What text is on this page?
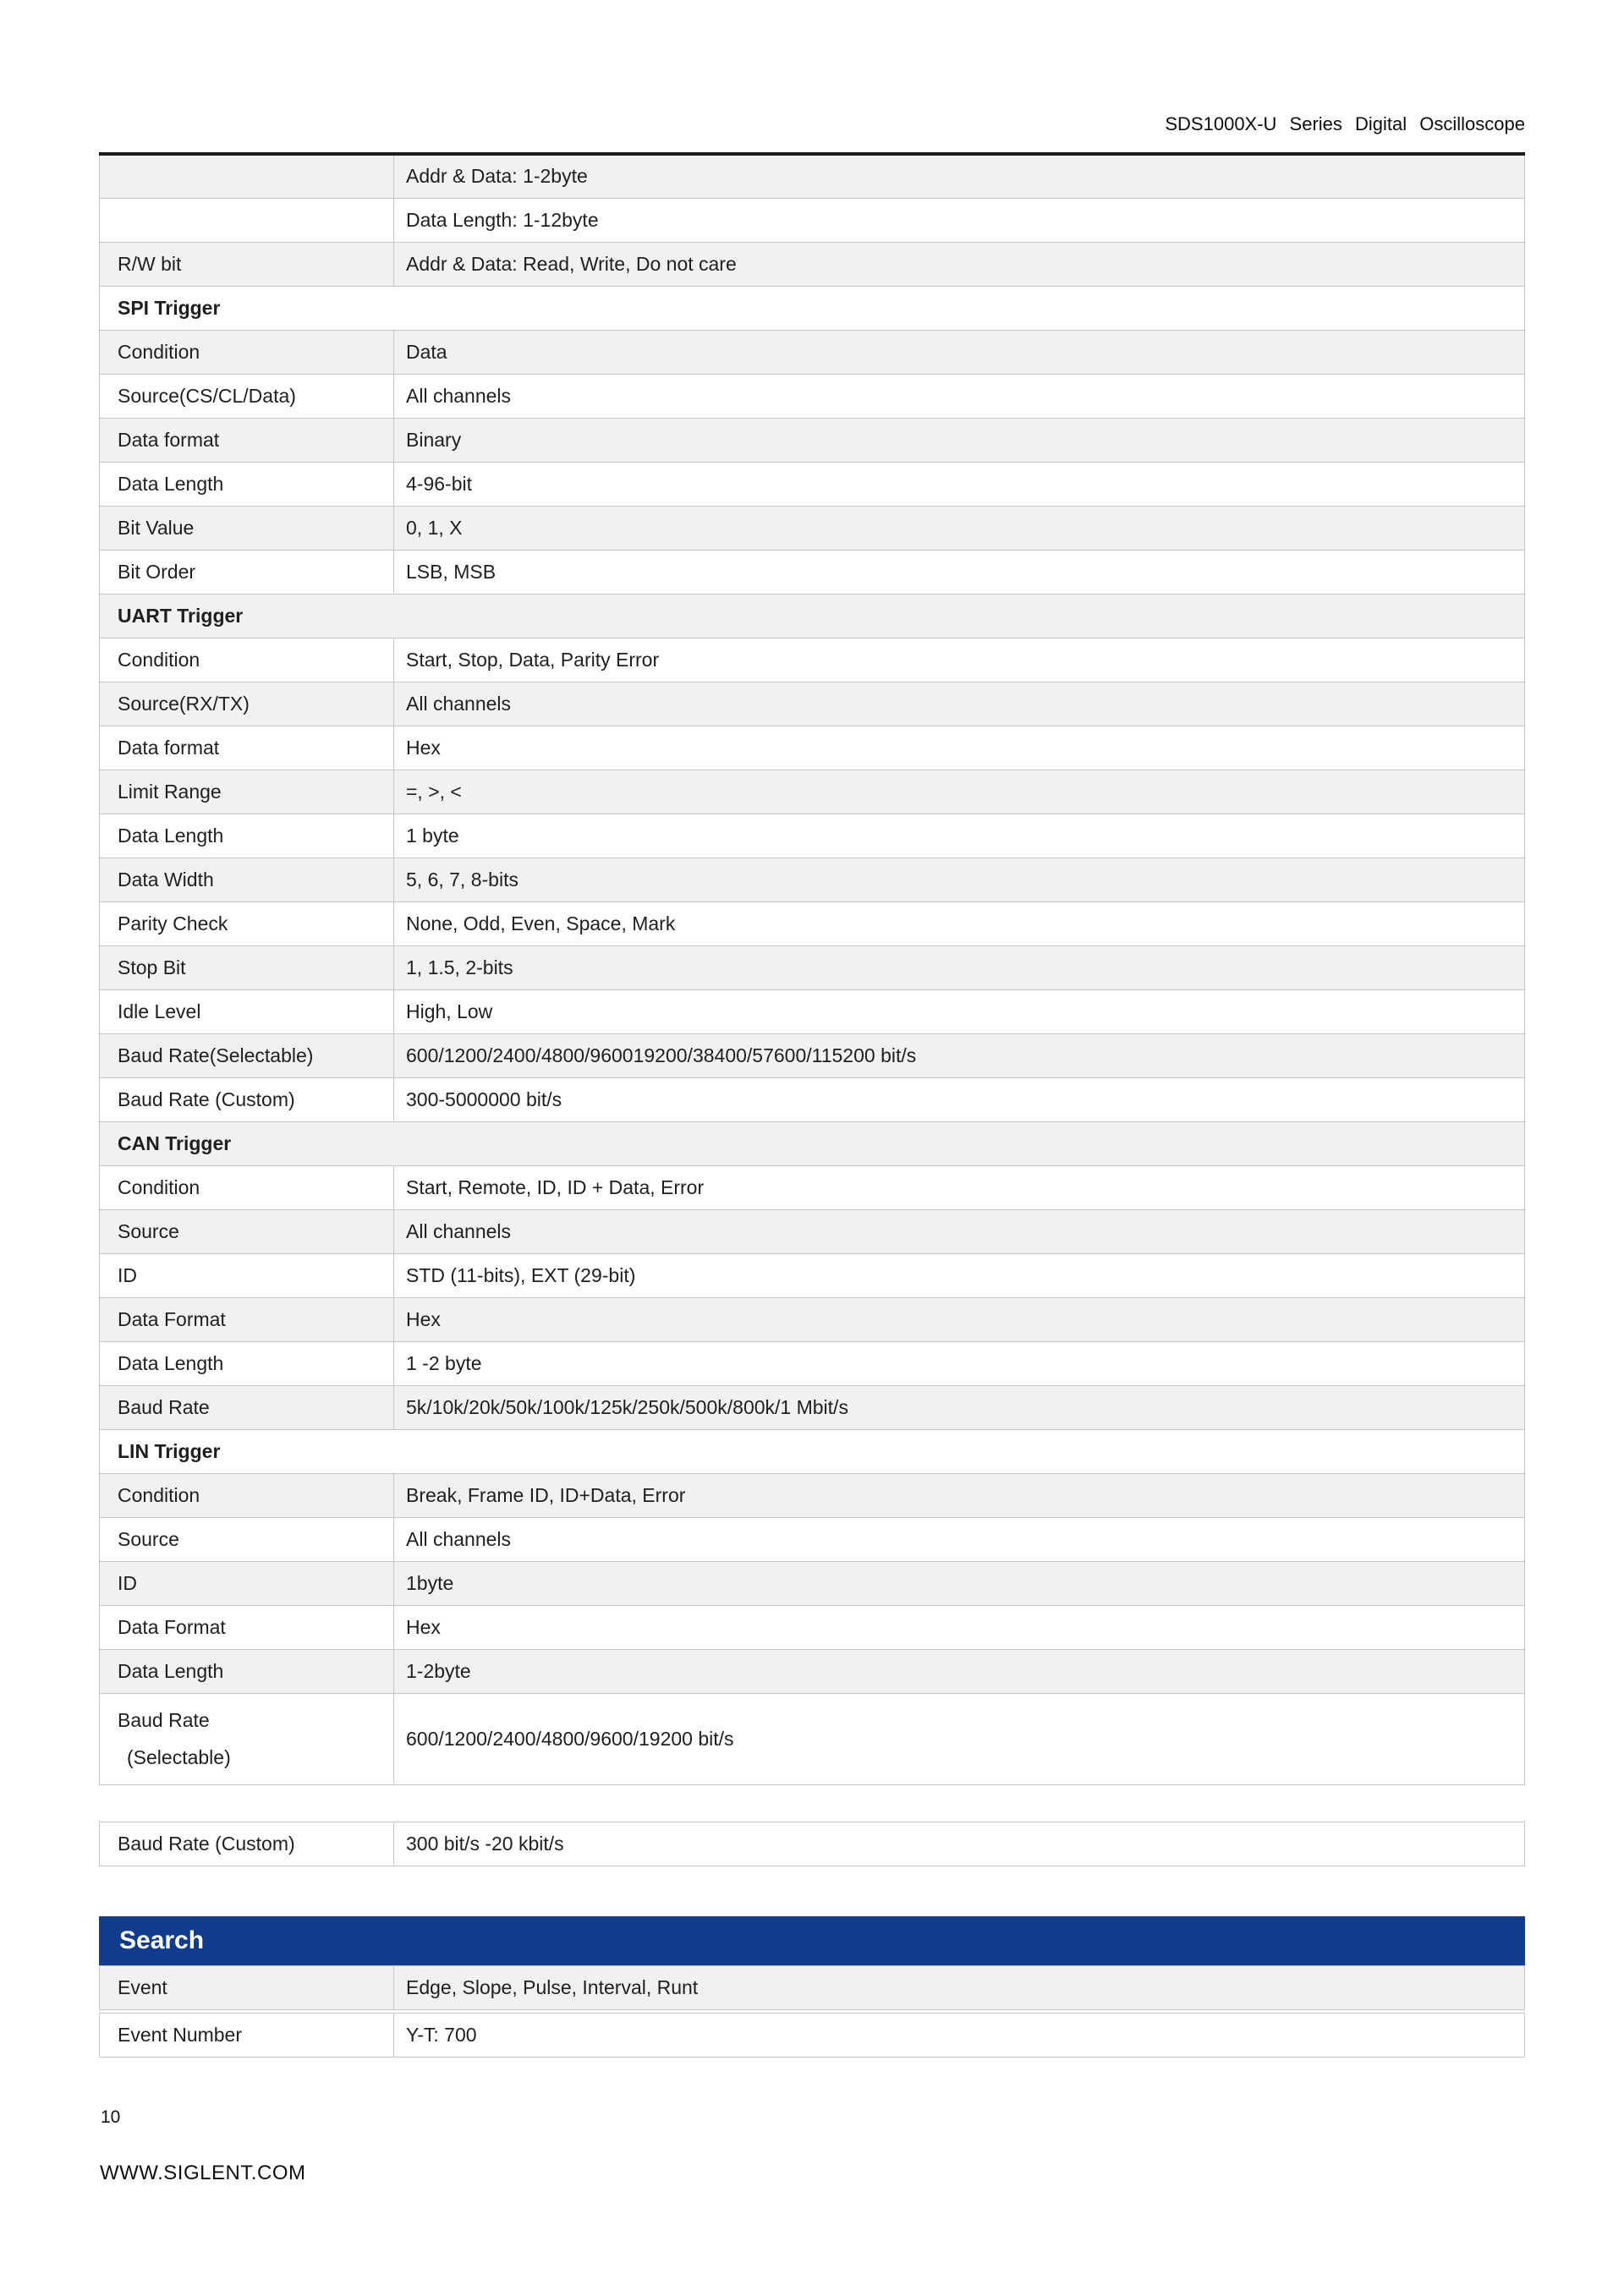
SDS1000X-U Series Digital Oscilloscope
	Addr & Data: 1-2byte
	Data Length: 1-12byte
R/W bit	Addr & Data: Read, Write, Do not care
SPI Trigger	
Condition	Data
Source(CS/CL/Data)	All channels
Data format	Binary
Data Length	4-96-bit
Bit Value	0, 1, X
Bit Order	LSB, MSB
UART Trigger	
Condition	Start, Stop, Data, Parity Error
Source(RX/TX)	All channels
Data format	Hex
Limit Range	=, >, <
Data Length	1 byte
Data Width	5, 6, 7, 8-bits
Parity Check	None, Odd, Even, Space, Mark
Stop Bit	1, 1.5, 2-bits
Idle Level	High, Low
Baud Rate(Selectable)	600/1200/2400/4800/960019200/38400/57600/115200 bit/s
Baud Rate (Custom)	300-5000000 bit/s
CAN Trigger	
Condition	Start, Remote, ID, ID + Data, Error
Source	All channels
ID	STD (11-bits), EXT (29-bit)
Data Format	Hex
Data Length	1 -2 byte
Baud Rate	5k/10k/20k/50k/100k/125k/250k/500k/800k/1 Mbit/s
LIN Trigger	
Condition	Break, Frame ID, ID+Data, Error
Source	All channels
ID	1byte
Data Format	Hex
Data Length	1-2byte

Baud Rate
(Selectable)	600/1200/2400/4800/9600/19200 bit/s
Baud Rate (Custom)	300 bit/s -20 kbit/s
Search
Event	Edge, Slope, Pulse, Interval, Runt
Event Number	Y-T: 700
10
WWW.SIGLENT.COM
